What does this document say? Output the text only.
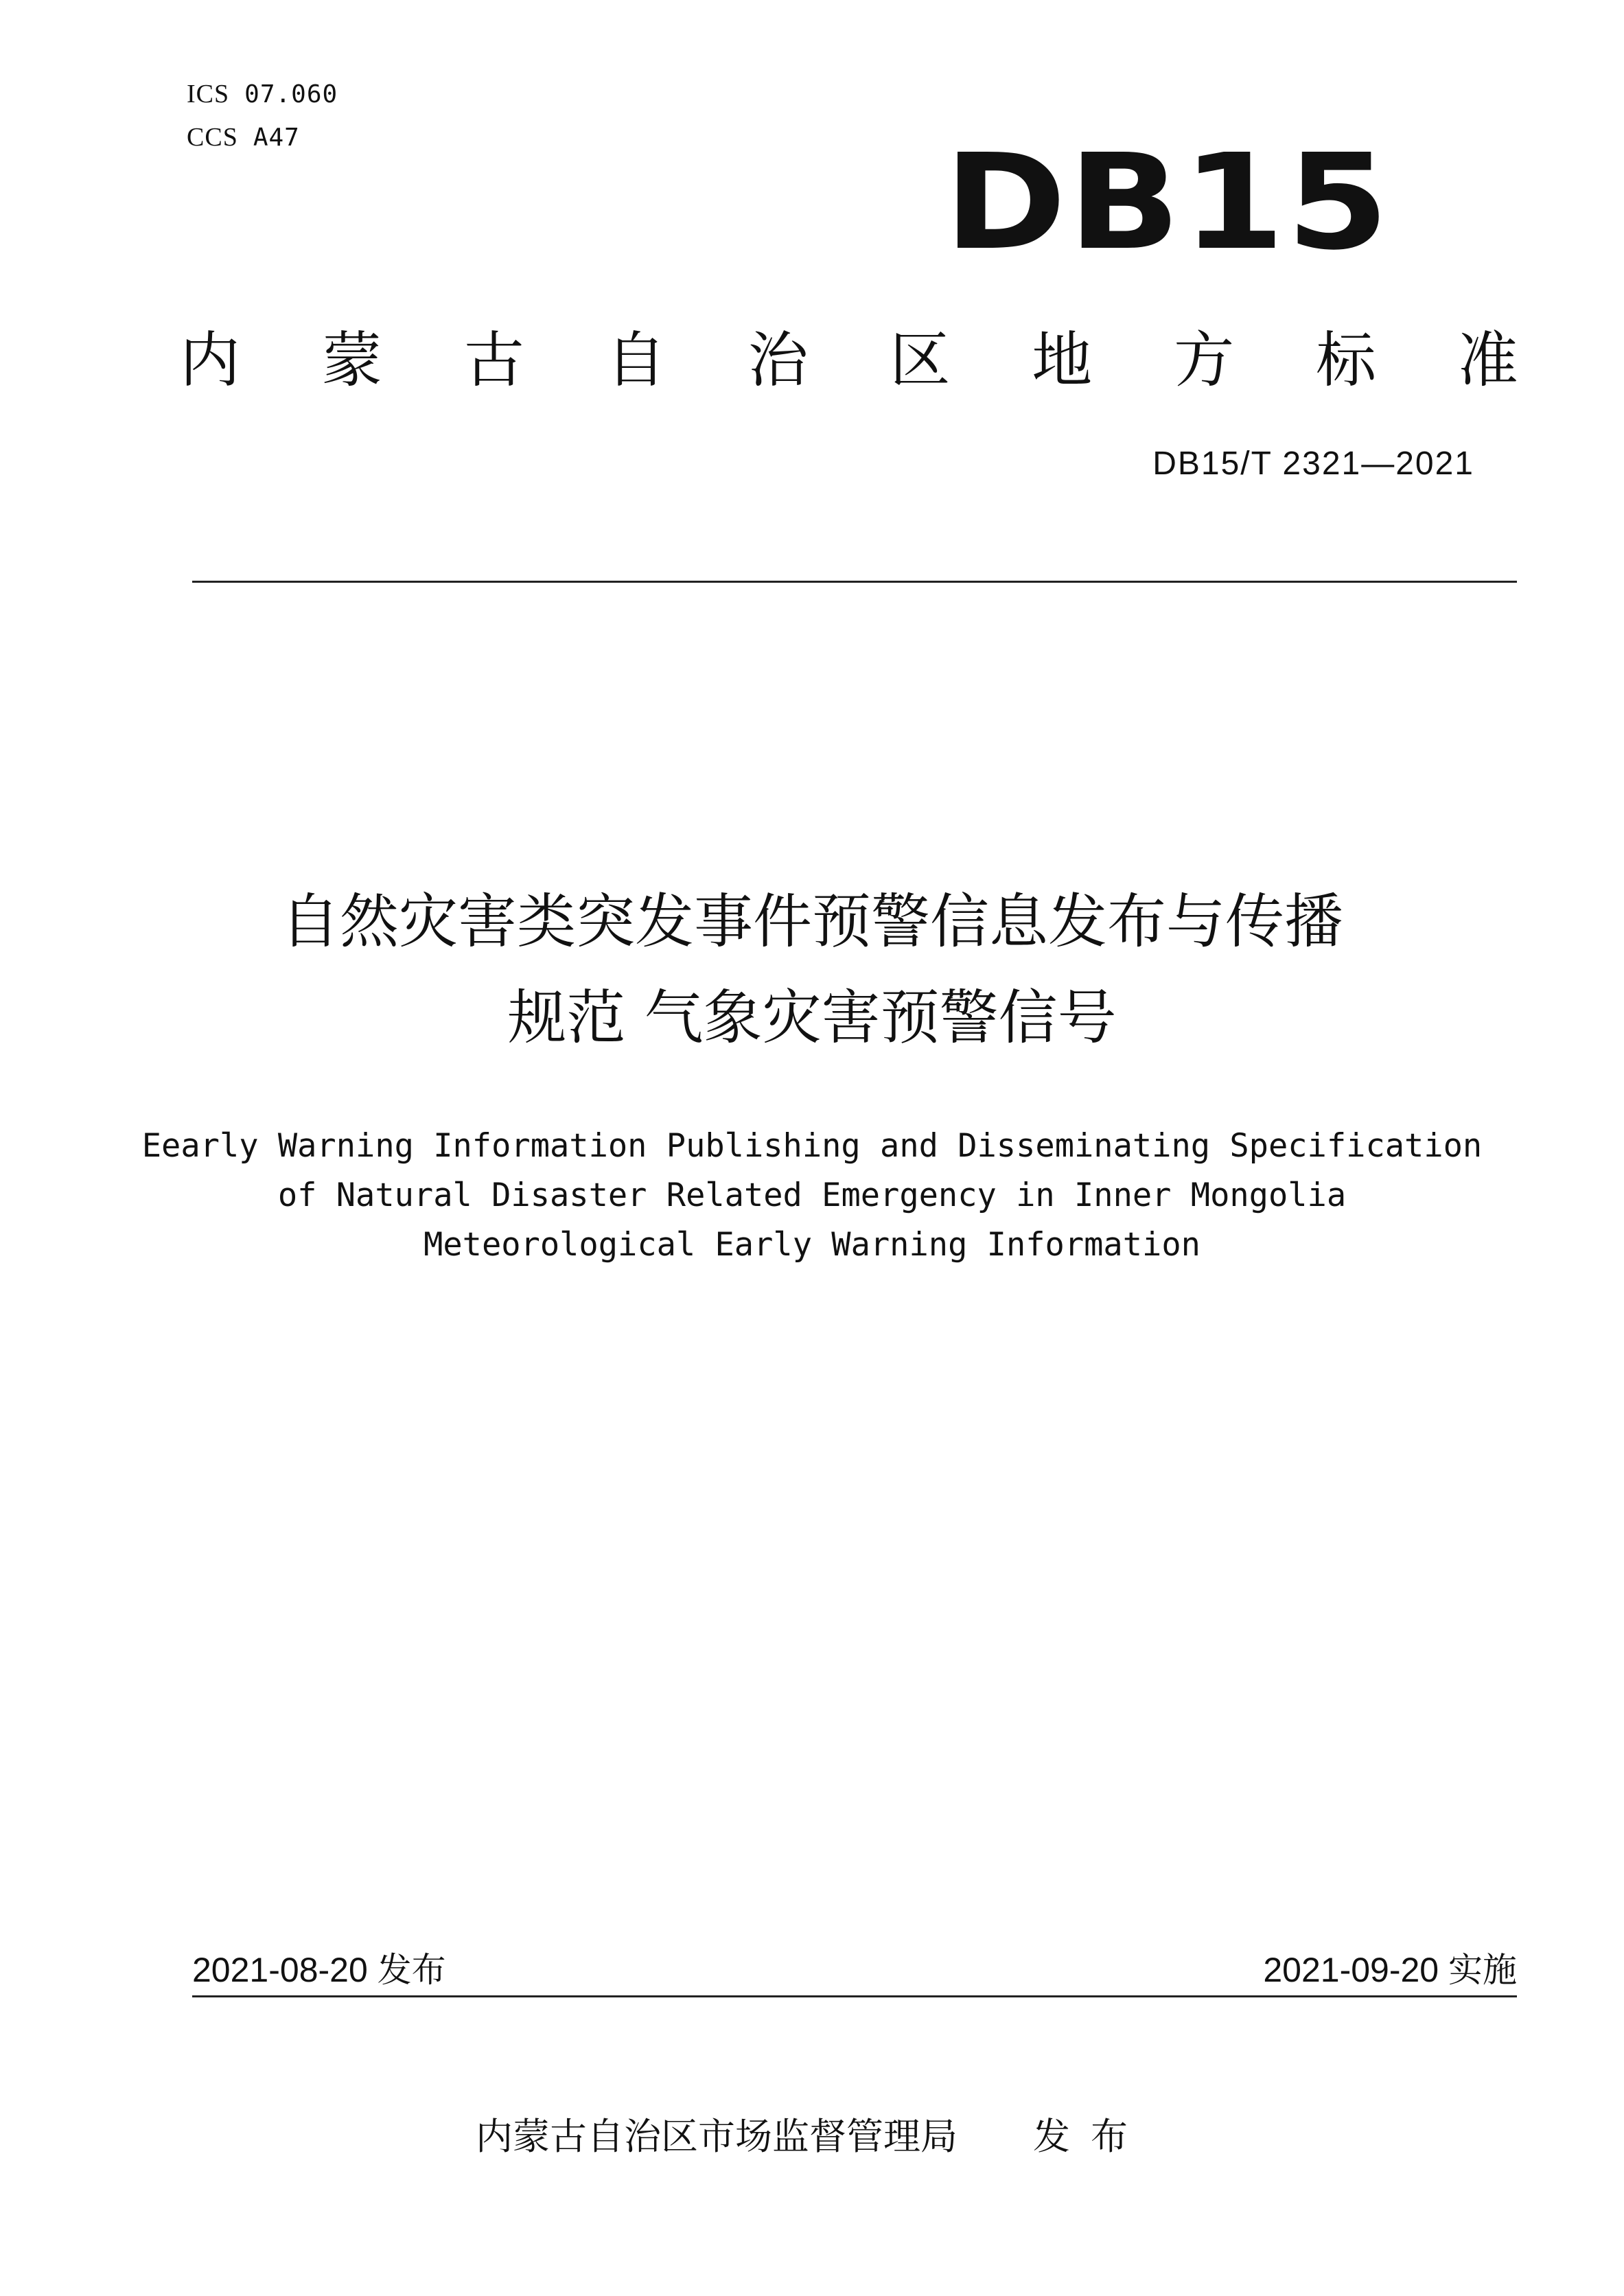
ICS 07.060
CCS A47	DB15
内 蒙 古 自 治 区 地 方 标 准
DB15/T 2321—2021
自然灾害类突发事件预警信息发布与传播
规范 气象灾害预警信号
Eearly Warning Information Publishing and Disseminating Specification
of Natural Disaster Related Emergency in Inner Mongolia
Meteorological Early Warning Information
2021-08-20 发布	2021-09-20 实施
内蒙古自治区市场监督管理局 发布
